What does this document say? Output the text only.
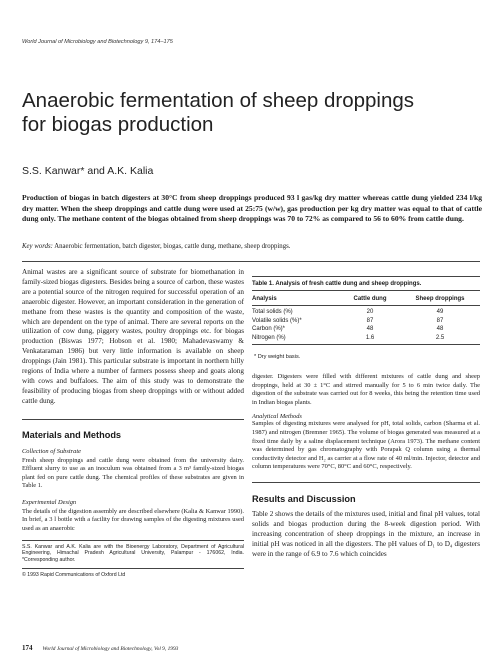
World Journal of Microbiology and Biotechnology 9, 174–175
Anaerobic fermentation of sheep droppings
for biogas production
S.S. Kanwar* and A.K. Kalia
Production of biogas in batch digesters at 30°C from sheep droppings produced 93 l gas/kg dry matter whereas cattle dung yielded 234 l/kg dry matter. When the sheep droppings and cattle dung were used at 25:75 (w/w), gas production per kg dry matter was equal to that of cattle dung only. The methane content of the biogas obtained from sheep droppings was 70 to 72% as compared to 56 to 60% from cattle dung.
Key words: Anaerobic fermentation, batch digester, biogas, cattle dung, methane, sheep droppings.
Animal wastes are a significant source of substrate for biomethanation in family-sized biogas digesters. Besides being a source of carbon, these wastes are a potential source of the nitrogen required for successful operation of an anaerobic digester. However, an important consideration in the generation of methane from these wastes is the quantity and composition of the waste, which are dependent on the type of animal. There are several reports on the utilization of cow dung, piggery wastes, poultry droppings etc. for biogas production (Biswas 1977; Hobson et al. 1980; Mahadevaswamy & Venkataraman 1986) but very little information is available on sheep droppings (Jain 1981). This particular substrate is important in northern hilly regions of India where a number of farmers possess sheep and goats along with cows and buffaloes. The aim of this study was to demonstrate the feasibility of producing biogas from sheep droppings with or without added cattle dung.
Materials and Methods
Collection of Substrate
Fresh sheep droppings and cattle dung were obtained from the university dairy. Effluent slurry to use as an inoculum was obtained from a 3 m³ family-sized biogas plant fed on pure cattle dung. The chemical profiles of these substrates are given in Table 1.
Experimental Design
The details of the digestion assembly are described elsewhere (Kalia & Kanwar 1990). In brief, a 3 l bottle with a facility for drawing samples of the digesting mixtures used used as an anaerobic
S.S. Kanwar and A.K. Kalia are with the Bioenergy Laboratory, Department of Agricultural Engineering, Himachal Pradesh Agricultural University, Palampur - 176062, India. *Corresponding author.
© 1993 Rapid Communications of Oxford Ltd
Table 1. Analysis of fresh cattle dung and sheep droppings.
Analysis	Cattle dung	Sheep droppings
Total solids (%)	20	49
Volatile solids (%)*	87	87
Carbon (%)*	48	48
Nitrogen (%)	1.6	2.5
* Dry weight basis.
digester. Digesters were filled with different mixtures of cattle dung and sheep droppings, held at 30 ± 1°C and stirred manually for 5 to 6 min twice daily. The digestion of the substrate was carried out for 8 weeks, this being the retention time used in Indian biogas plants.
Analytical Methods
Samples of digesting mixtures were analysed for pH, total solids, carbon (Sharma et al. 1987) and nitrogen (Bremner 1965). The volume of biogas generated was measured at a fixed time daily by a saline displacement technique (Arora 1973). The methane content was determined by gas chromatography with Porapak Q column using a thermal conductivity detector and H₂ as carrier at a flow rate of 40 ml/min. Injector, detector and column temperatures were 70°C, 80°C and 60°C, respectively.
Results and Discussion
Table 2 shows the details of the mixtures used, initial and final pH values, total solids and biogas production during the 8-week digestion period. With increasing concentration of sheep droppings in the mixture, an increase in initial pH was noticed in all the digesters. The pH values of D₁ to D₄ digesters were in the range of 6.9 to 7.6 which coincides
174 World Journal of Microbiology and Biotechnology, Vol 9, 1993
